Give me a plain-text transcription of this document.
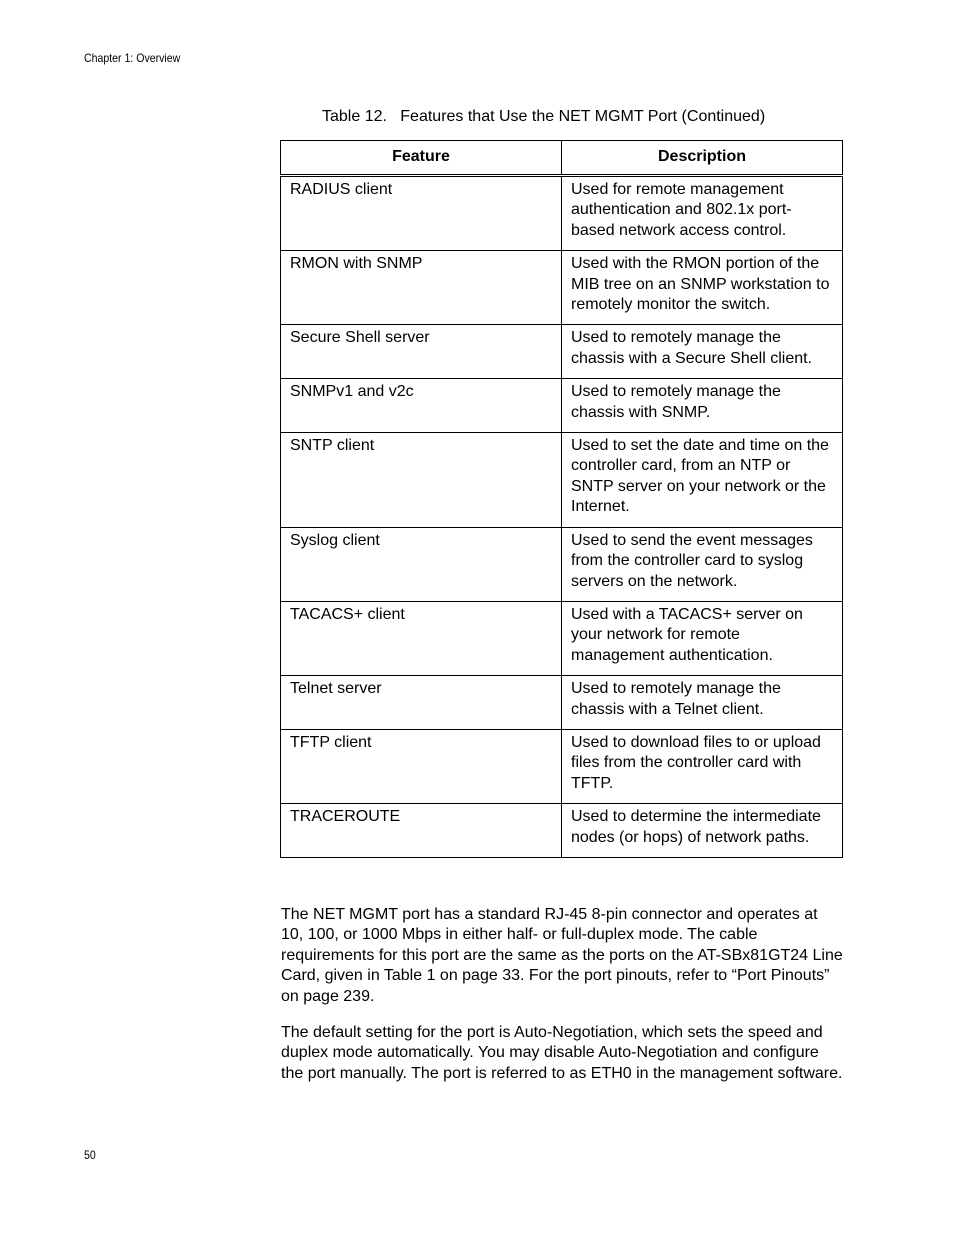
Chapter 1: Overview
Table 12.   Features that Use the NET MGMT Port (Continued)
Feature	Description
RADIUS client	Used for remote management authentication and 802.1x port-based network access control.
RMON with SNMP	Used with the RMON portion of the MIB tree on an SNMP workstation to remotely monitor the switch.
Secure Shell server	Used to remotely manage the chassis with a Secure Shell client.
SNMPv1 and v2c	Used to remotely manage the chassis with SNMP.
SNTP client	Used to set the date and time on the controller card, from an NTP or SNTP server on your network or the Internet.
Syslog client	Used to send the event messages from the controller card to syslog servers on the network.
TACACS+ client	Used with a TACACS+ server on your network for remote management authentication.
Telnet server	Used to remotely manage the chassis with a Telnet client.
TFTP client	Used to download files to or upload files from the controller card with TFTP.
TRACEROUTE	Used to determine the intermediate nodes (or hops) of network paths.

The NET MGMT port has a standard RJ-45 8-pin connector and operates at 10, 100, or 1000 Mbps in either half- or full-duplex mode. The cable requirements for this port are the same as the ports on the AT-SBx81GT24 Line Card, given in Table 1 on page 33. For the port pinouts, refer to “Port Pinouts” on page 239.

The default setting for the port is Auto-Negotiation, which sets the speed and duplex mode automatically. You may disable Auto-Negotiation and configure the port manually. The port is referred to as ETH0 in the management software.

50
